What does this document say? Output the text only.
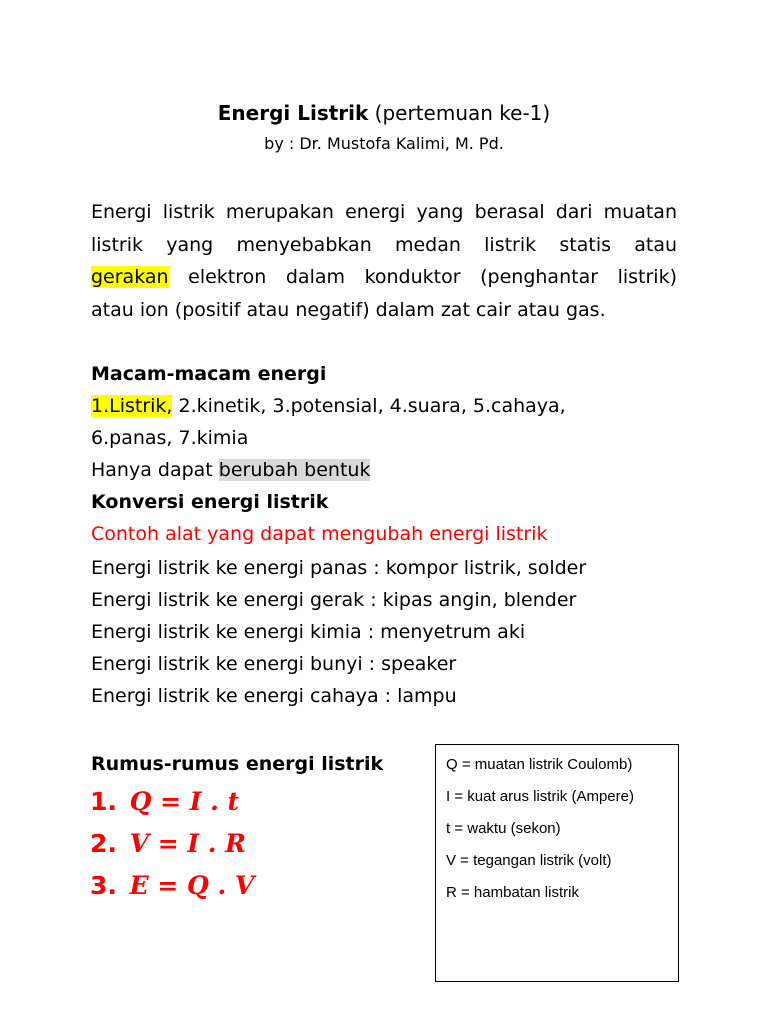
Energi Listrik (pertemuan ke-1)
by : Dr. Mustofa Kalimi, M. Pd.
Energi listrik merupakan energi yang berasal dari muatan
listrik yang menyebabkan medan listrik statis atau
gerakan elektron dalam konduktor (penghantar listrik)
atau ion (positif atau negatif) dalam zat cair atau gas.
Macam-macam energi
1.Listrik, 2.kinetik, 3.potensial, 4.suara, 5.cahaya,
6.panas, 7.kimia
Hanya dapat berubah bentuk
Konversi energi listrik
Contoh alat yang dapat mengubah energi listrik
Energi listrik ke energi panas : kompor listrik, solder
Energi listrik ke energi gerak : kipas angin, blender
Energi listrik ke energi kimia : menyetrum aki
Energi listrik ke energi bunyi : speaker
Energi listrik ke energi cahaya : lampu
Rumus-rumus energi listrik
1. Q = I . t
2. V = I . R
3. E = Q . V

Q = muatan listrik Coulomb)

I = kuat arus listrik (Ampere)

t = waktu (sekon)

V = tegangan listrik (volt)

R = hambatan listrik
